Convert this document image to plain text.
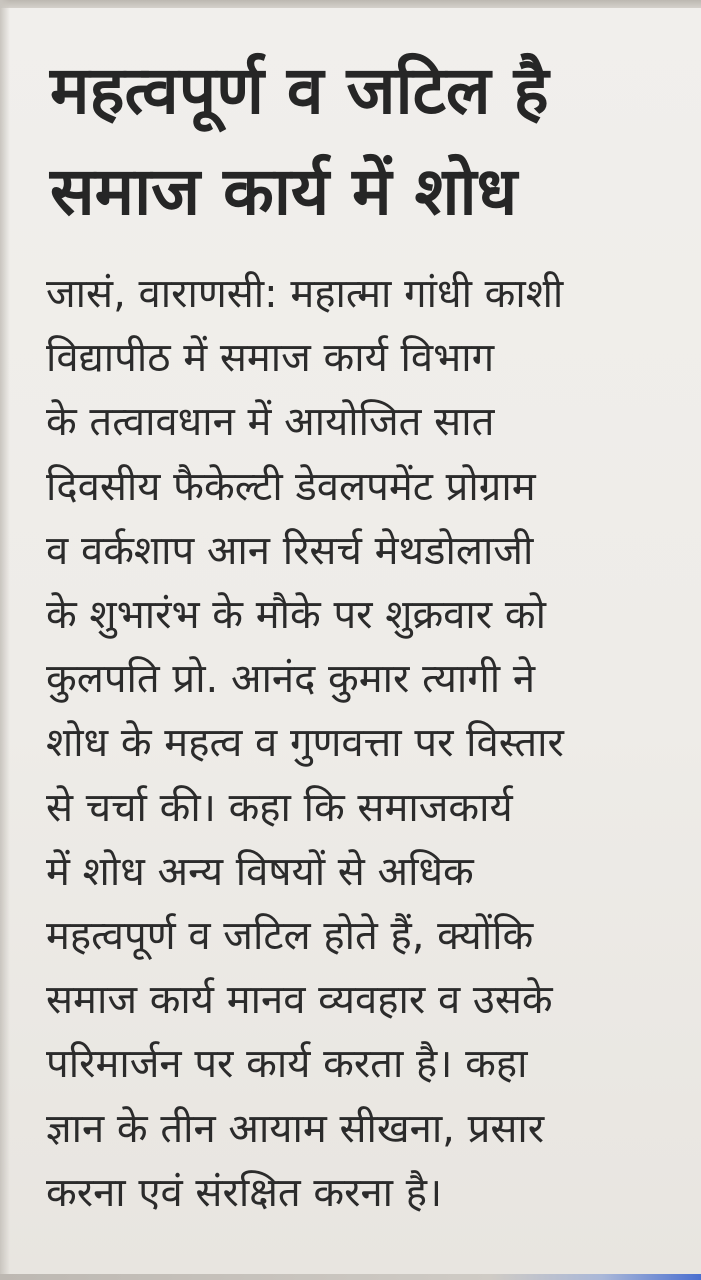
महत्वपूर्ण व जटिल है
समाज कार्य में शोध
जासं, वाराणसी: महात्मा गांधी काशी
विद्यापीठ में समाज कार्य विभाग
के तत्वावधान में आयोजित सात
दिवसीय फैकेल्टी डेवलपमेंट प्रोग्राम
व वर्कशाप आन रिसर्च मेथडोलाजी
के शुभारंभ के मौके पर शुक्रवार को
कुलपति प्रो. आनंद कुमार त्यागी ने
शोध के महत्व व गुणवत्ता पर विस्तार
से चर्चा की। कहा कि समाजकार्य
में शोध अन्य विषयों से अधिक
महत्वपूर्ण व जटिल होते हैं, क्योंकि
समाज कार्य मानव व्यवहार व उसके
परिमार्जन पर कार्य करता है। कहा
ज्ञान के तीन आयाम सीखना, प्रसार
करना एवं संरक्षित करना है।
